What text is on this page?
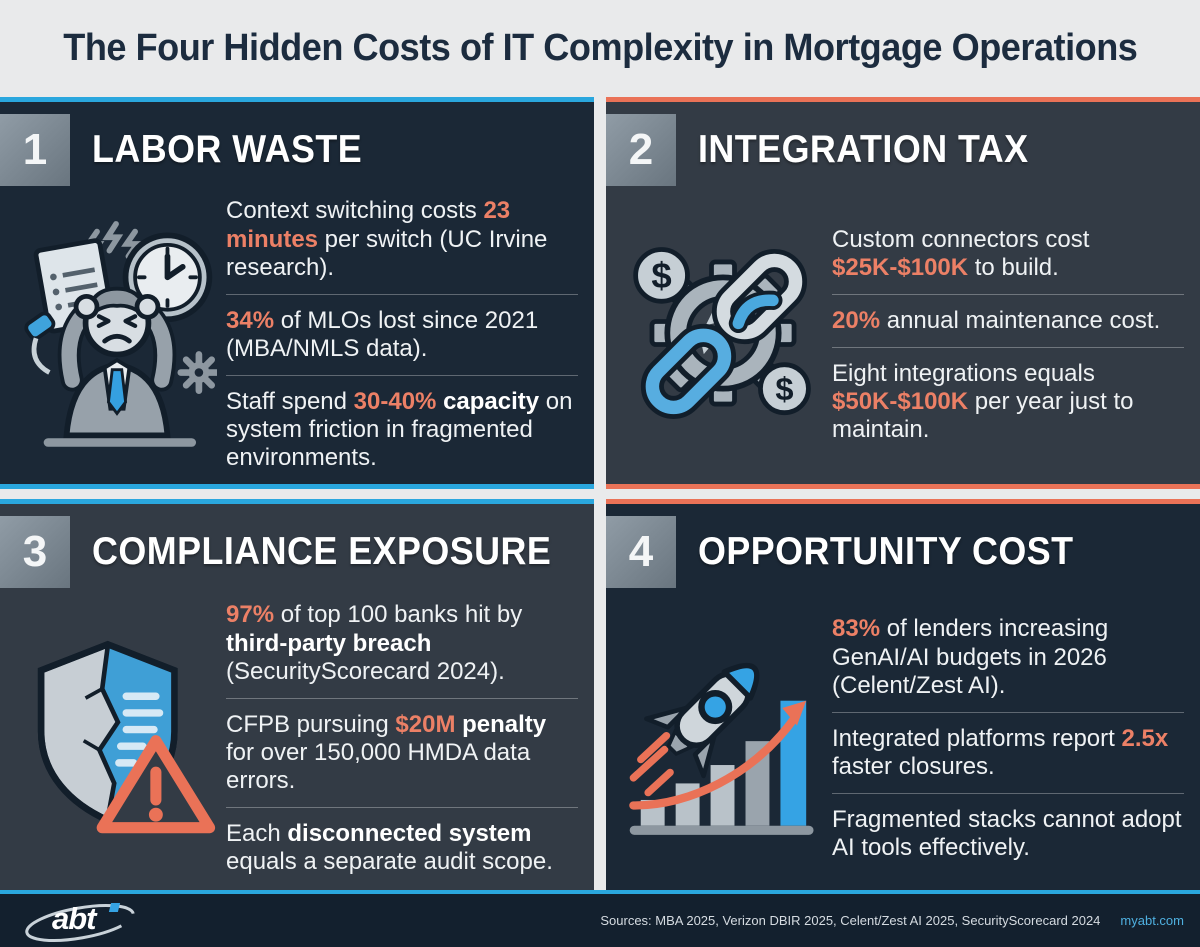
The Four Hidden Costs of IT Complexity in Mortgage Operations
1	LABOR WASTE

Context switching costs 23 minutes per switch (UC Irvine research).

34% of MLOs lost since 2021 (MBA/NMLS data).

Staff spend 30-40% capacity on system friction in fragmented environments.

2	INTEGRATION TAX
$
$

Custom connectors cost $25K-$100K to build.

20% annual maintenance cost.

Eight integrations equals $50K-$100K per year just to maintain.

3	COMPLIANCE EXPOSURE

97% of top 100 banks hit by third-party breach (SecurityScorecard 2024).

CFPB pursuing $20M penalty for over 150,000 HMDA data errors.

Each disconnected system equals a separate audit scope.

4	OPPORTUNITY COST

83% of lenders increasing GenAI/AI budgets in 2026 (Celent/Zest AI).

Integrated platforms report 2.5x faster closures.

Fragmented stacks cannot adopt AI tools effectively.

abt	Sources: MBA 2025, Verizon DBIR 2025, Celent/Zest AI 2025, SecurityScorecard 2024 myabt.com
